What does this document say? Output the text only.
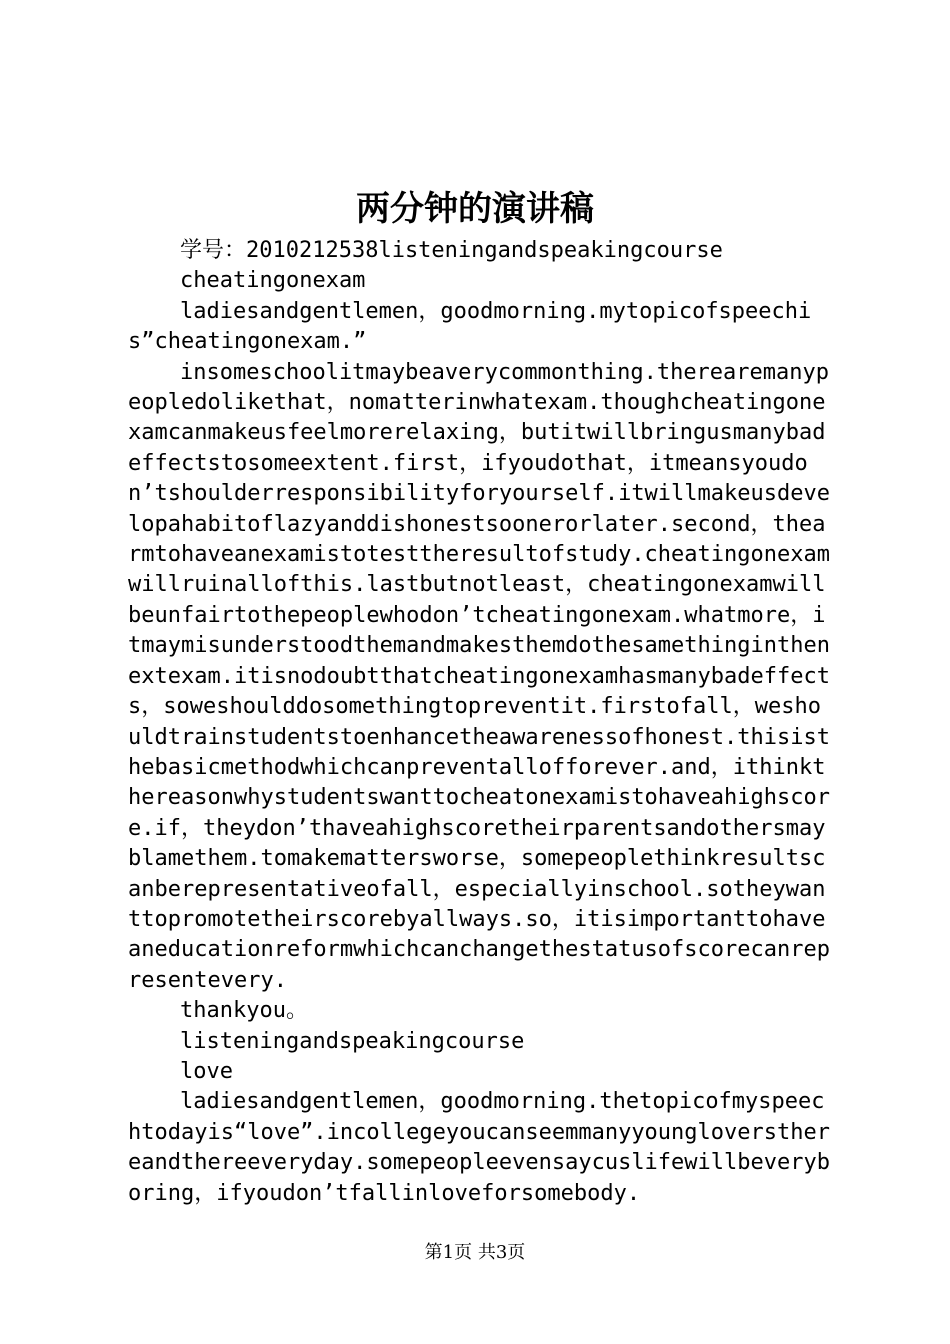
两分钟的演讲稿

学号：2010212538listeningandspeakingcourse

cheatingonexam

ladiesandgentlemen，goodmorning.mytopicofspeechis”cheatingonexam.”

insomeschoolitmaybeaverycommonthing.therearemanypeopledolikethat，nomatterinwhatexam.thoughcheatingonexamcanmakeusfeelmorerelaxing，butitwillbringusmanybadeffectstosomeextent.first，ifyoudothat，itmeansyoudon’tshoulderresponsibilityforyourself.itwillmakeusdevelopahabitoflazyanddishonestsoonerorlater.second，thearmtohaveanexamistotesttheresultofstudy.cheatingonexamwillruinallofthis.lastbutnotleast，cheatingonexamwillbeunfairtothepeoplewhodon’tcheatingonexam.whatmore，itmaymisunderstoodthemandmakesthemdothesamethinginthenextexam.itisnodoubtthatcheatingonexamhasmanybadeffects，soweshoulddosomethingtopreventit.firstofall，weshouldtrainstudentstoenhancetheawarenessofhonest.thisisthebasicmethodwhichcanpreventallofforever.and，ithinkthereasonwhystudentswanttocheatonexamistohaveahighscore.if，theydon’thaveahighscoretheirparentsandothersmayblamethem.tomakemattersworse，somepeoplethinkresultscanberepresentativeofall，especiallyinschool.sotheywanttopromotetheirscorebyallways.so，itisimportanttohaveaneducationreformwhichcanchangethestatusofscorecanrepresentevery.

thankyou。

listeningandspeakingcourse

love

ladiesandgentlemen，goodmorning.thetopicofmyspeechtodayis“love”.incollegeyoucanseemmanyyoungloversthereandthereeveryday.somepeopleevensaycuslifewillbeveryboring，ifyoudon’tfallinloveforsomebody.

第1页 共3页
